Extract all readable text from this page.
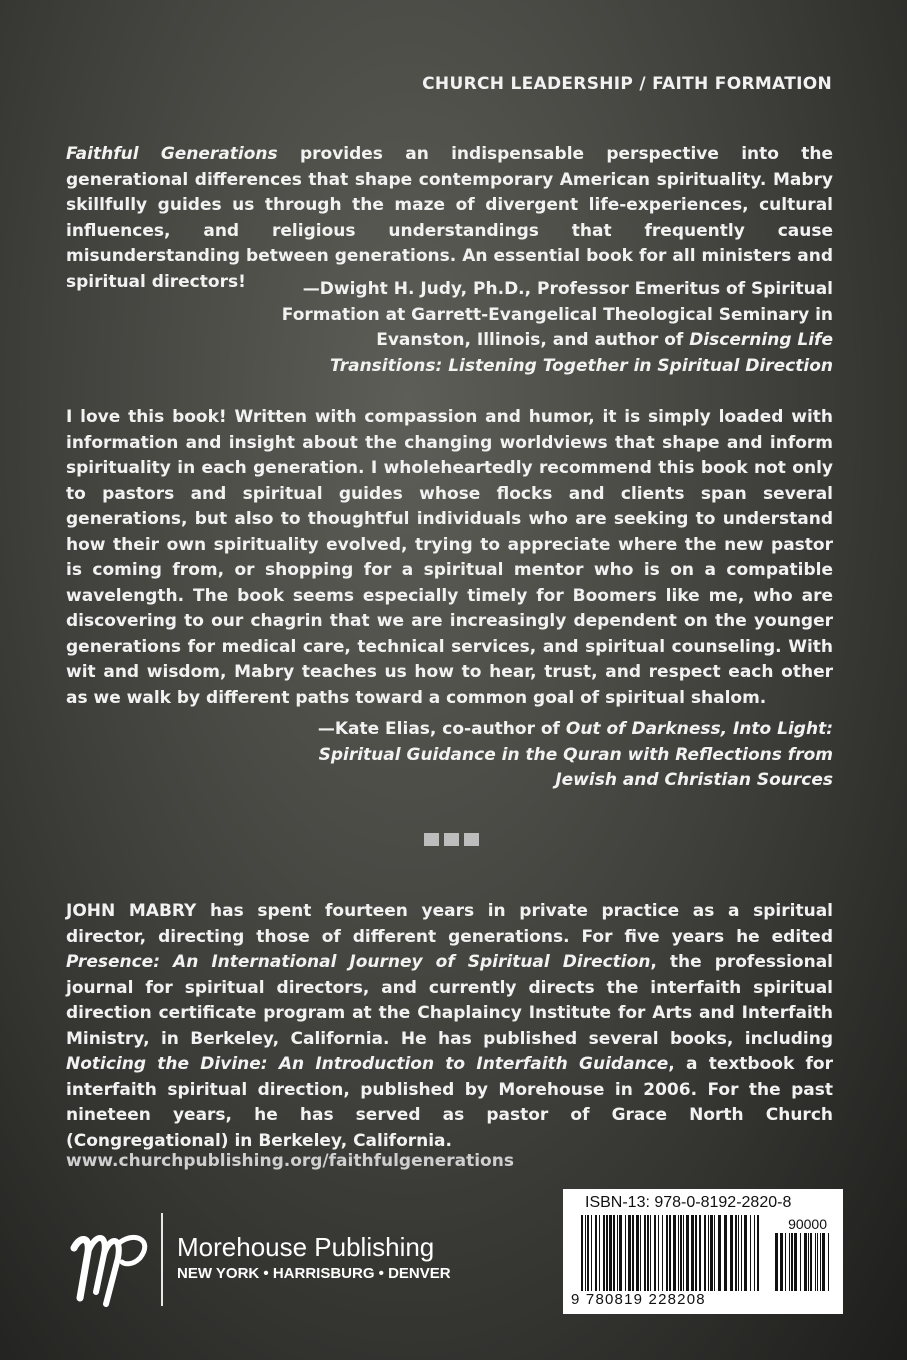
CHURCH LEADERSHIP / FAITH FORMATION

Faithful Generations provides an indispensable perspective into the generational differences that shape contemporary American spirituality. Mabry skillfully guides us through the maze of divergent life-experiences, cultural influences, and religious understandings that frequently cause misunderstanding between generations. An essential book for all ministers and spiritual directors!	—Dwight H. Judy, Ph.D., Professor Emeritus of Spiritual Formation at Garrett-Evangelical Theological Seminary in Evanston, Illinois, and author of Discerning Life Transitions: Listening Together in Spiritual Direction

I love this book! Written with compassion and humor, it is simply loaded with information and insight about the changing worldviews that shape and inform spirituality in each generation. I wholeheartedly recommend this book not only to pastors and spiritual guides whose flocks and clients span several generations, but also to thoughtful individuals who are seeking to understand how their own spirituality evolved, trying to appreciate where the new pastor is coming from, or shopping for a spiritual mentor who is on a compatible wavelength. The book seems especially timely for Boomers like me, who are discovering to our chagrin that we are increasingly dependent on the younger generations for medical care, technical services, and spiritual counseling. With wit and wisdom, Mabry teaches us how to hear, trust, and respect each other as we walk by different paths toward a common goal of spiritual shalom.

—Kate Elias, co-author of Out of Darkness, Into Light: Spiritual Guidance in the Quran with Reflections from Jewish and Christian Sources

JOHN MABRY has spent fourteen years in private practice as a spiritual director, directing those of different generations. For five years he edited Presence: An International Journey of Spiritual Direction, the professional journal for spiritual directors, and currently directs the interfaith spiritual direction certificate program at the Chaplaincy Institute for Arts and Interfaith Ministry, in Berkeley, California. He has published several books, including Noticing the Divine: An Introduction to Interfaith Guidance, a textbook for interfaith spiritual direction, published by Morehouse in 2006. For the past nineteen years, he has served as pastor of Grace North Church (Congregational) in Berkeley, California.

www.churchpublishing.org/faithfulgenerations
Morehouse Publishing
NEW YORK • HARRISBURG • DENVER
ISBN-13: 978-0-8192-2820-8
90000
9 780819 228208
